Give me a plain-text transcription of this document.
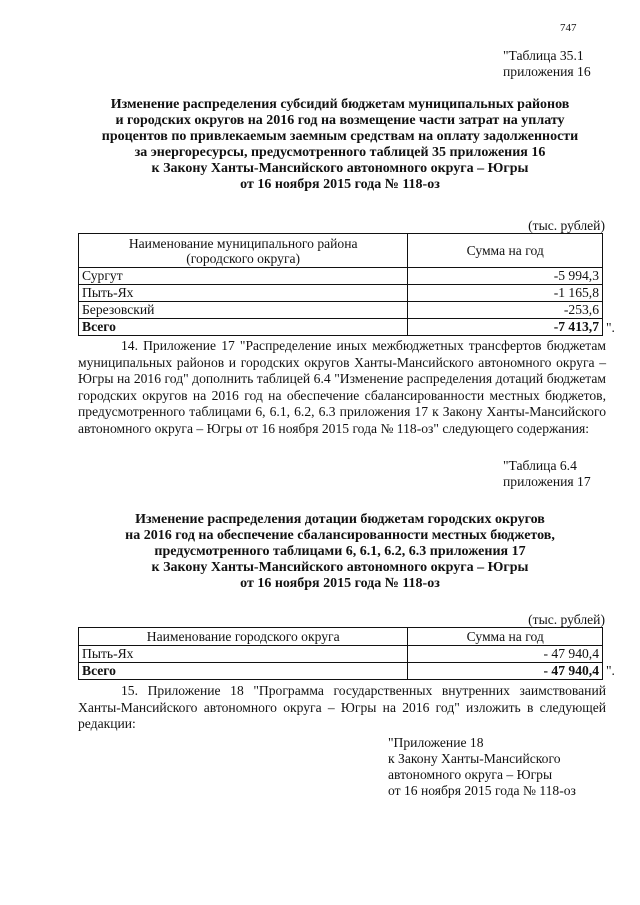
747
"Таблица 35.1
приложения 16
Изменение распределения субсидий бюджетам муниципальных районов
и городских округов на 2016 год на возмещение части затрат на уплату
процентов по привлекаемым заемным средствам на оплату задолженности
за энергоресурсы, предусмотренного таблицей 35 приложения 16
к Закону Ханты-Мансийского автономного округа – Югры
от 16 ноября 2015 года № 118-оз
(тыс. рублей)
Наименование муниципального района
(городского округа)	Сумма на год
Сургут	-5 994,3
Пыть-Ях	-1 165,8
Березовский	-253,6
Всего	-7 413,7 ".
14. Приложение 17 "Распределение иных межбюджетных трансфертов бюджетам муниципальных районов и городских округов Ханты-Мансийского автономного округа – Югры на 2016 год" дополнить таблицей 6.4 "Изменение распределения дотаций бюджетам городских округов на 2016 год на обеспечение сбалансированности местных бюджетов, предусмотренного таблицами 6, 6.1, 6.2, 6.3 приложения 17 к Закону Ханты-Мансийского автономного округа – Югры от 16 ноября 2015 года № 118-оз" следующего содержания:
"Таблица 6.4
приложения 17
Изменение распределения дотации бюджетам городских округов
на 2016 год на обеспечение сбалансированности местных бюджетов,
предусмотренного таблицами 6, 6.1, 6.2, 6.3 приложения 17
к Закону Ханты-Мансийского автономного округа – Югры
от 16 ноября 2015 года № 118-оз
(тыс. рублей)
Наименование городского округа	Сумма на год
Пыть-Ях	- 47 940,4
Всего	- 47 940,4 ".
15. Приложение 18 "Программа государственных внутренних заимствований Ханты-Мансийского автономного округа – Югры на 2016 год" изложить в следующей редакции:
"Приложение 18
к Закону Ханты-Мансийского
автономного округа – Югры
от 16 ноября 2015 года № 118-оз
